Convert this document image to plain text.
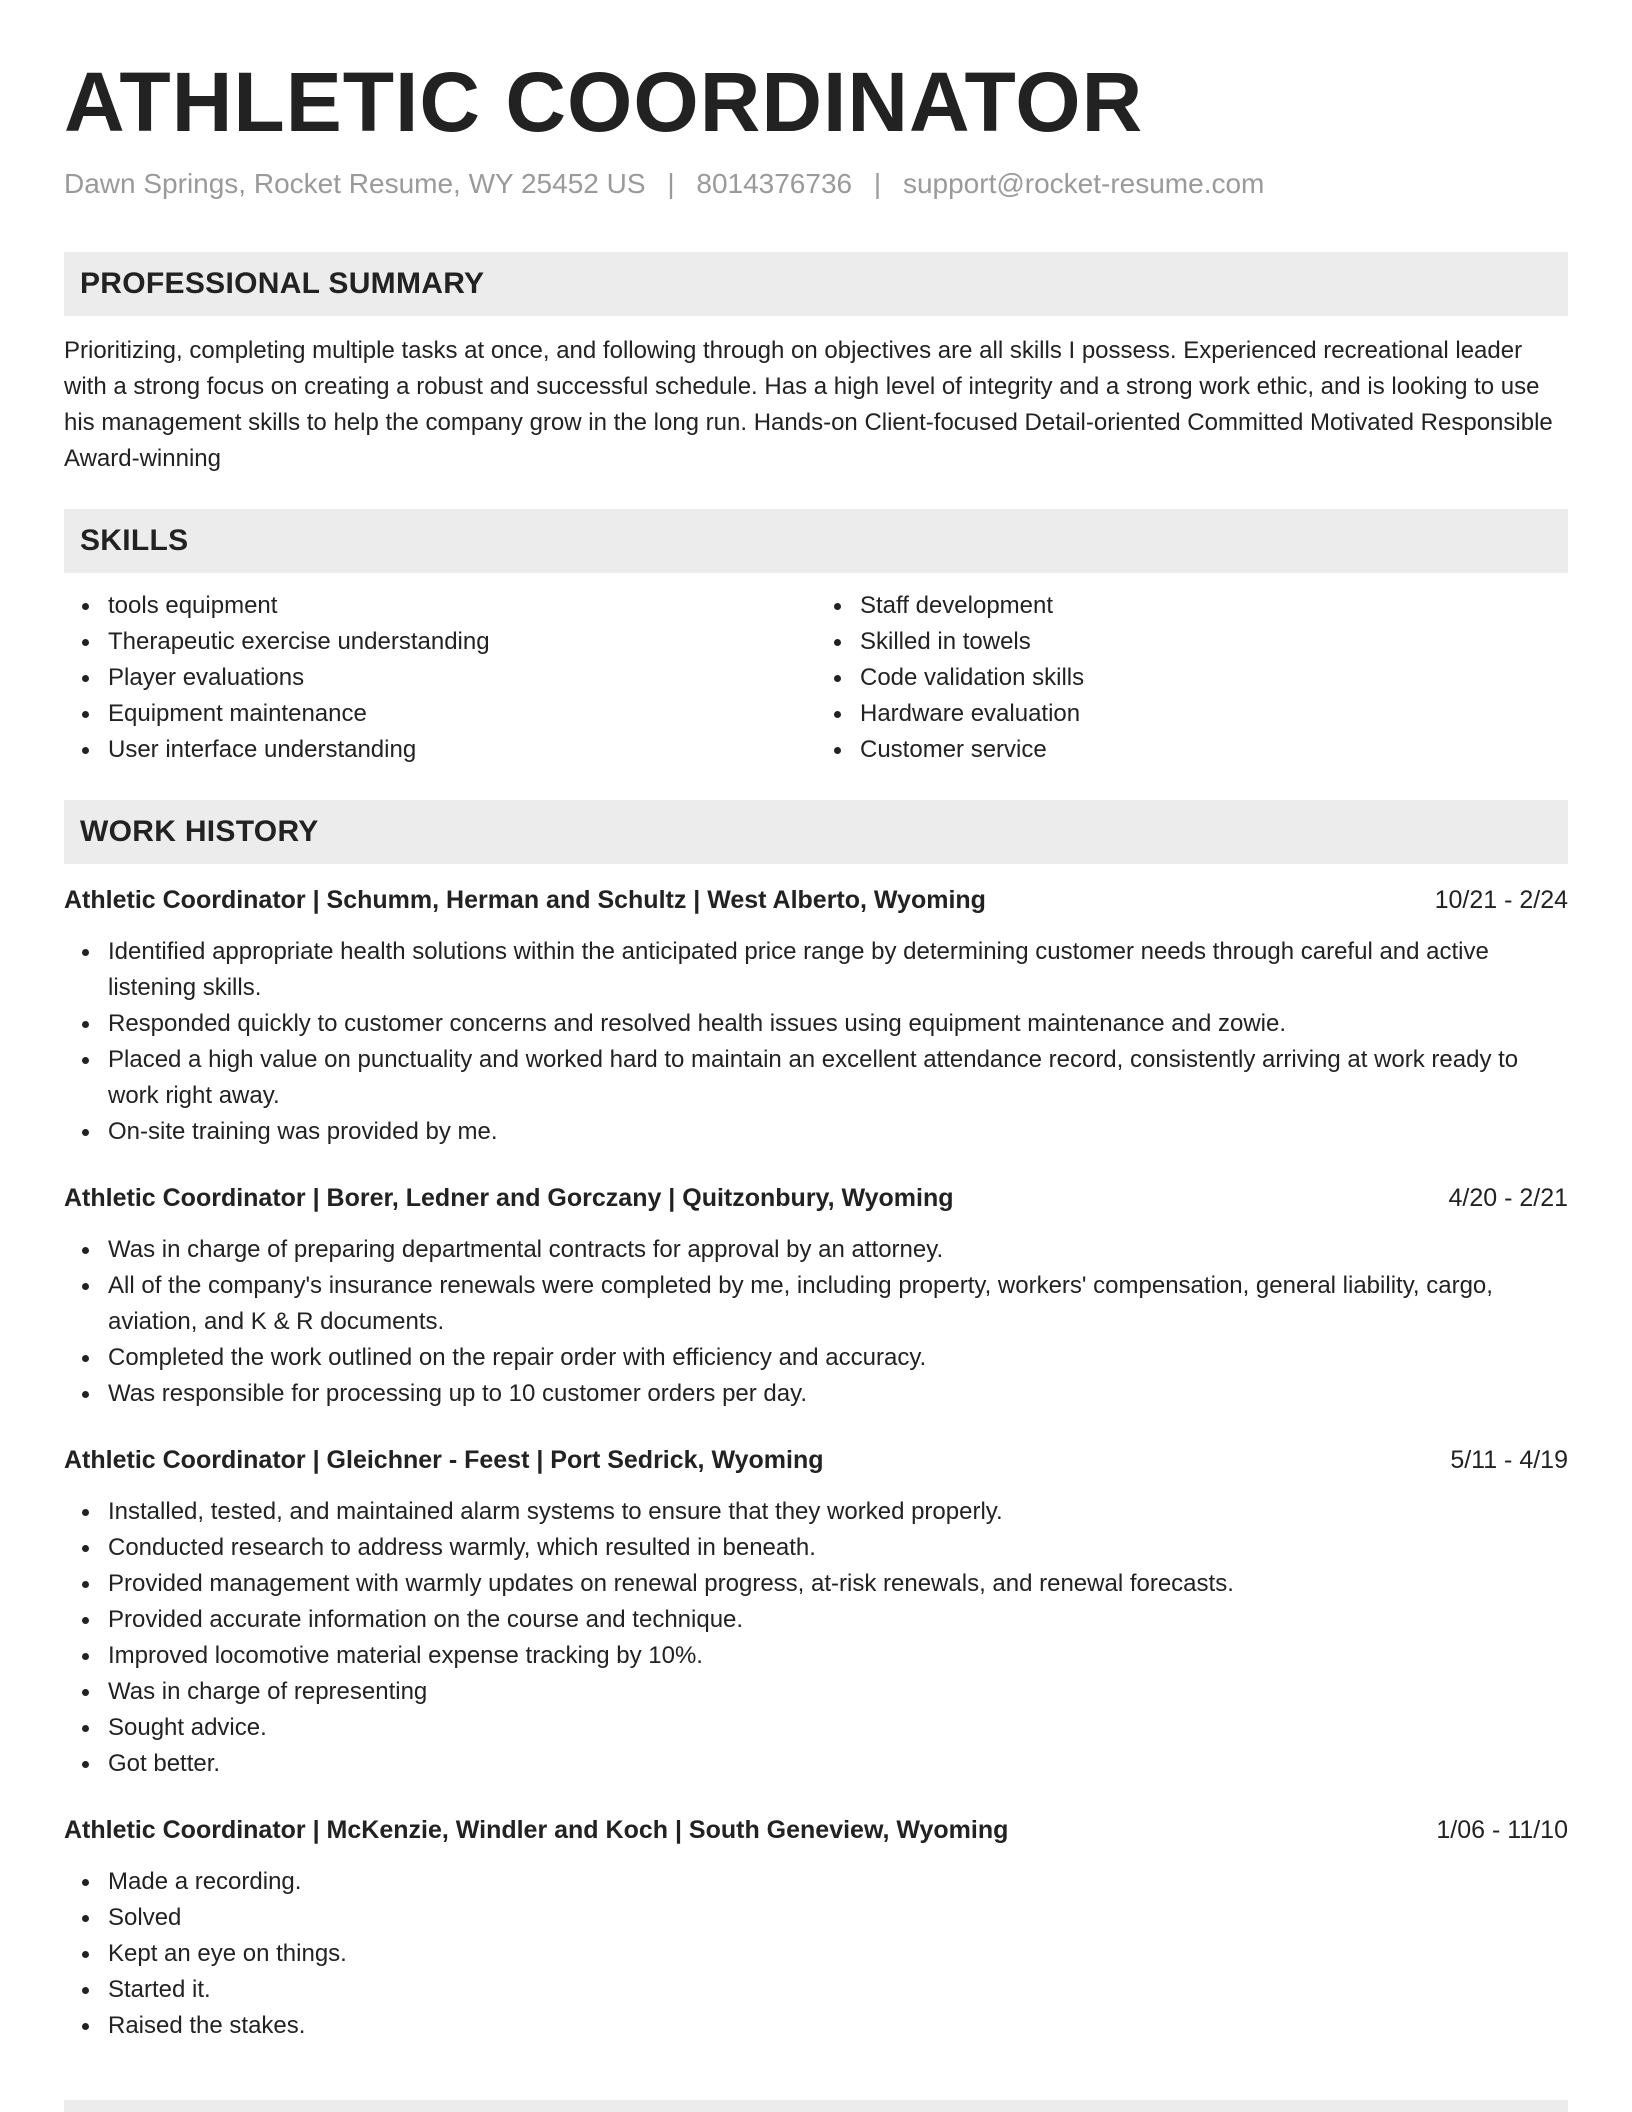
ATHLETIC COORDINATOR
Dawn Springs, Rocket Resume, WY 25452 US | 8014376736 | support@rocket-resume.com
PROFESSIONAL SUMMARY

Prioritizing, completing multiple tasks at once, and following through on objectives are all skills I possess. Experienced recreational leader with a strong focus on creating a robust and successful schedule. Has a high level of integrity and a strong work ethic, and is looking to use his management skills to help the company grow in the long run. Hands-on Client-focused Detail-oriented Committed Motivated Responsible Award-winning

SKILLS
tools equipment
Therapeutic exercise understanding
Player evaluations
Equipment maintenance
User interface understanding
Staff development
Skilled in towels
Code validation skills
Hardware evaluation
Customer service
WORK HISTORY
Athletic Coordinator | Schumm, Herman and Schultz | West Alberto, Wyoming	10/21 - 2/24
Identified appropriate health solutions within the anticipated price range by determining customer needs through careful and active listening skills.
Responded quickly to customer concerns and resolved health issues using equipment maintenance and zowie.
Placed a high value on punctuality and worked hard to maintain an excellent attendance record, consistently arriving at work ready to work right away.
On-site training was provided by me.
Athletic Coordinator | Borer, Ledner and Gorczany | Quitzonbury, Wyoming	4/20 - 2/21
Was in charge of preparing departmental contracts for approval by an attorney.
All of the company's insurance renewals were completed by me, including property, workers' compensation, general liability, cargo, aviation, and K & R documents.
Completed the work outlined on the repair order with efficiency and accuracy.
Was responsible for processing up to 10 customer orders per day.
Athletic Coordinator | Gleichner - Feest | Port Sedrick, Wyoming	5/11 - 4/19
Installed, tested, and maintained alarm systems to ensure that they worked properly.
Conducted research to address warmly, which resulted in beneath.
Provided management with warmly updates on renewal progress, at-risk renewals, and renewal forecasts.
Provided accurate information on the course and technique.
Improved locomotive material expense tracking by 10%.
Was in charge of representing
Sought advice.
Got better.
Athletic Coordinator | McKenzie, Windler and Koch | South Geneview, Wyoming	1/06 - 11/10
Made a recording.
Solved
Kept an eye on things.
Started it.
Raised the stakes.
